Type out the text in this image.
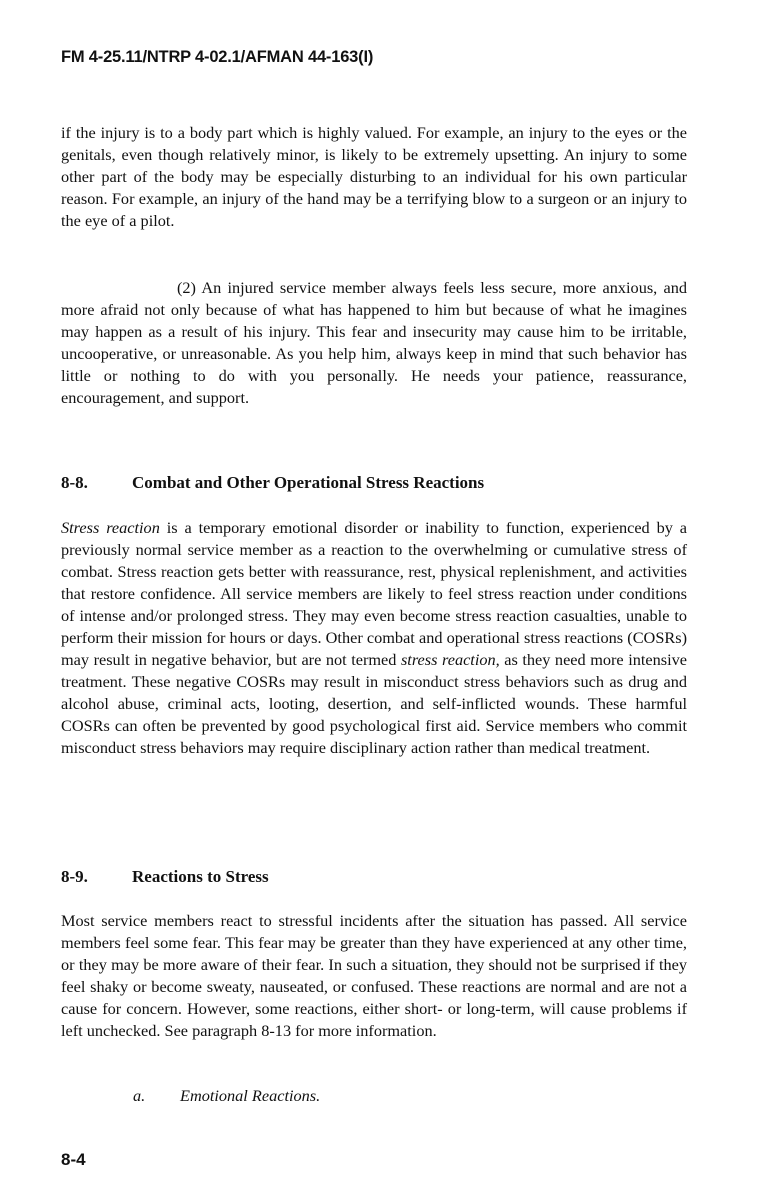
FM 4-25.11/NTRP 4-02.1/AFMAN 44-163(I)

if the injury is to a body part which is highly valued. For example, an injury to the eyes or the genitals, even though relatively minor, is likely to be extremely upsetting. An injury to some other part of the body may be especially disturbing to an individual for his own particular reason. For example, an injury of the hand may be a terrifying blow to a surgeon or an injury to the eye of a pilot.

(2) An injured service member always feels less secure, more anxious, and more afraid not only because of what has happened to him but because of what he imagines may happen as a result of his injury. This fear and insecurity may cause him to be irritable, uncooperative, or unreasonable. As you help him, always keep in mind that such behavior has little or nothing to do with you personally. He needs your patience, reassurance, encouragement, and support.

8-8.	Combat and Other Operational Stress Reactions

Stress reaction is a temporary emotional disorder or inability to function, experienced by a previously normal service member as a reaction to the overwhelming or cumulative stress of combat. Stress reaction gets better with reassurance, rest, physical replenishment, and activities that restore confidence. All service members are likely to feel stress reaction under conditions of intense and/or prolonged stress. They may even become stress reaction casualties, unable to perform their mission for hours or days. Other combat and operational stress reactions (COSRs) may result in negative behavior, but are not termed stress reaction, as they need more intensive treatment. These negative COSRs may result in misconduct stress behaviors such as drug and alcohol abuse, criminal acts, looting, desertion, and self-inflicted wounds. These harmful COSRs can often be prevented by good psychological first aid. Service members who commit misconduct stress behaviors may require disciplinary action rather than medical treatment.

8-9.	Reactions to Stress

Most service members react to stressful incidents after the situation has passed. All service members feel some fear. This fear may be greater than they have experienced at any other time, or they may be more aware of their fear. In such a situation, they should not be surprised if they feel shaky or become sweaty, nauseated, or confused. These reactions are normal and are not a cause for concern. However, some reactions, either short- or long-term, will cause problems if left unchecked. See paragraph 8-13 for more information.

a. Emotional Reactions.

8-4
